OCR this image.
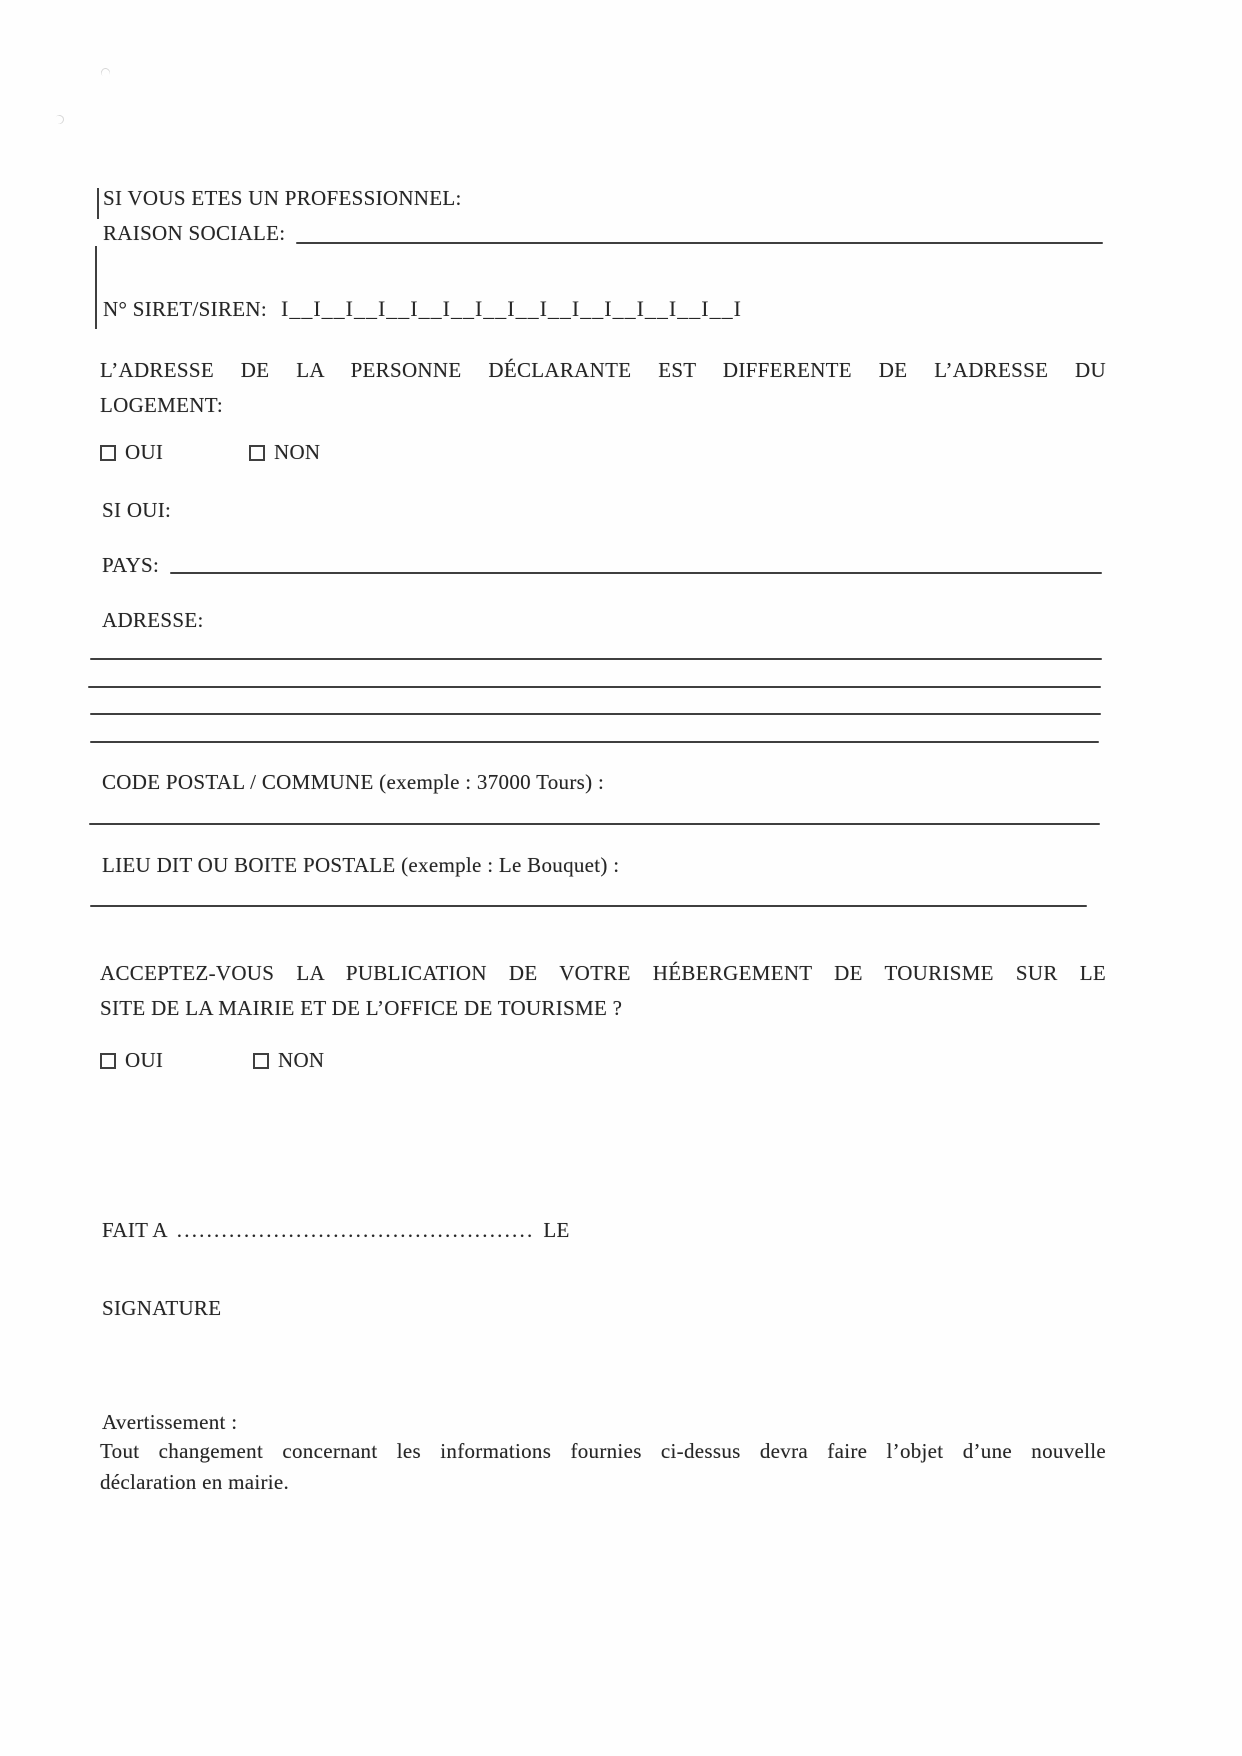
SI VOUS ETES UN PROFESSIONNEL:
RAISON SOCIALE:
N° SIRET/SIREN: I__I__I__I__I__I__I__I__I__I__I__I__I__I__I
L’ADRESSE DE LA PERSONNE DÉCLARANTE EST DIFFERENTE DE L’ADRESSE DU
LOGEMENT:
OUI	NON
SI OUI:
PAYS:
ADRESSE:
CODE POSTAL / COMMUNE (exemple : 37000 Tours) :
LIEU DIT OU BOITE POSTALE (exemple : Le Bouquet) :
ACCEPTEZ-VOUS LA PUBLICATION DE VOTRE HÉBERGEMENT DE TOURISME SUR LE
SITE DE LA MAIRIE ET DE L’OFFICE DE TOURISME ?
OUI	NON
FAIT A ................................................ LE
SIGNATURE
Avertissement :
Tout changement concernant les informations fournies ci-dessus devra faire l’objet d’une nouvelle
déclaration en mairie.
